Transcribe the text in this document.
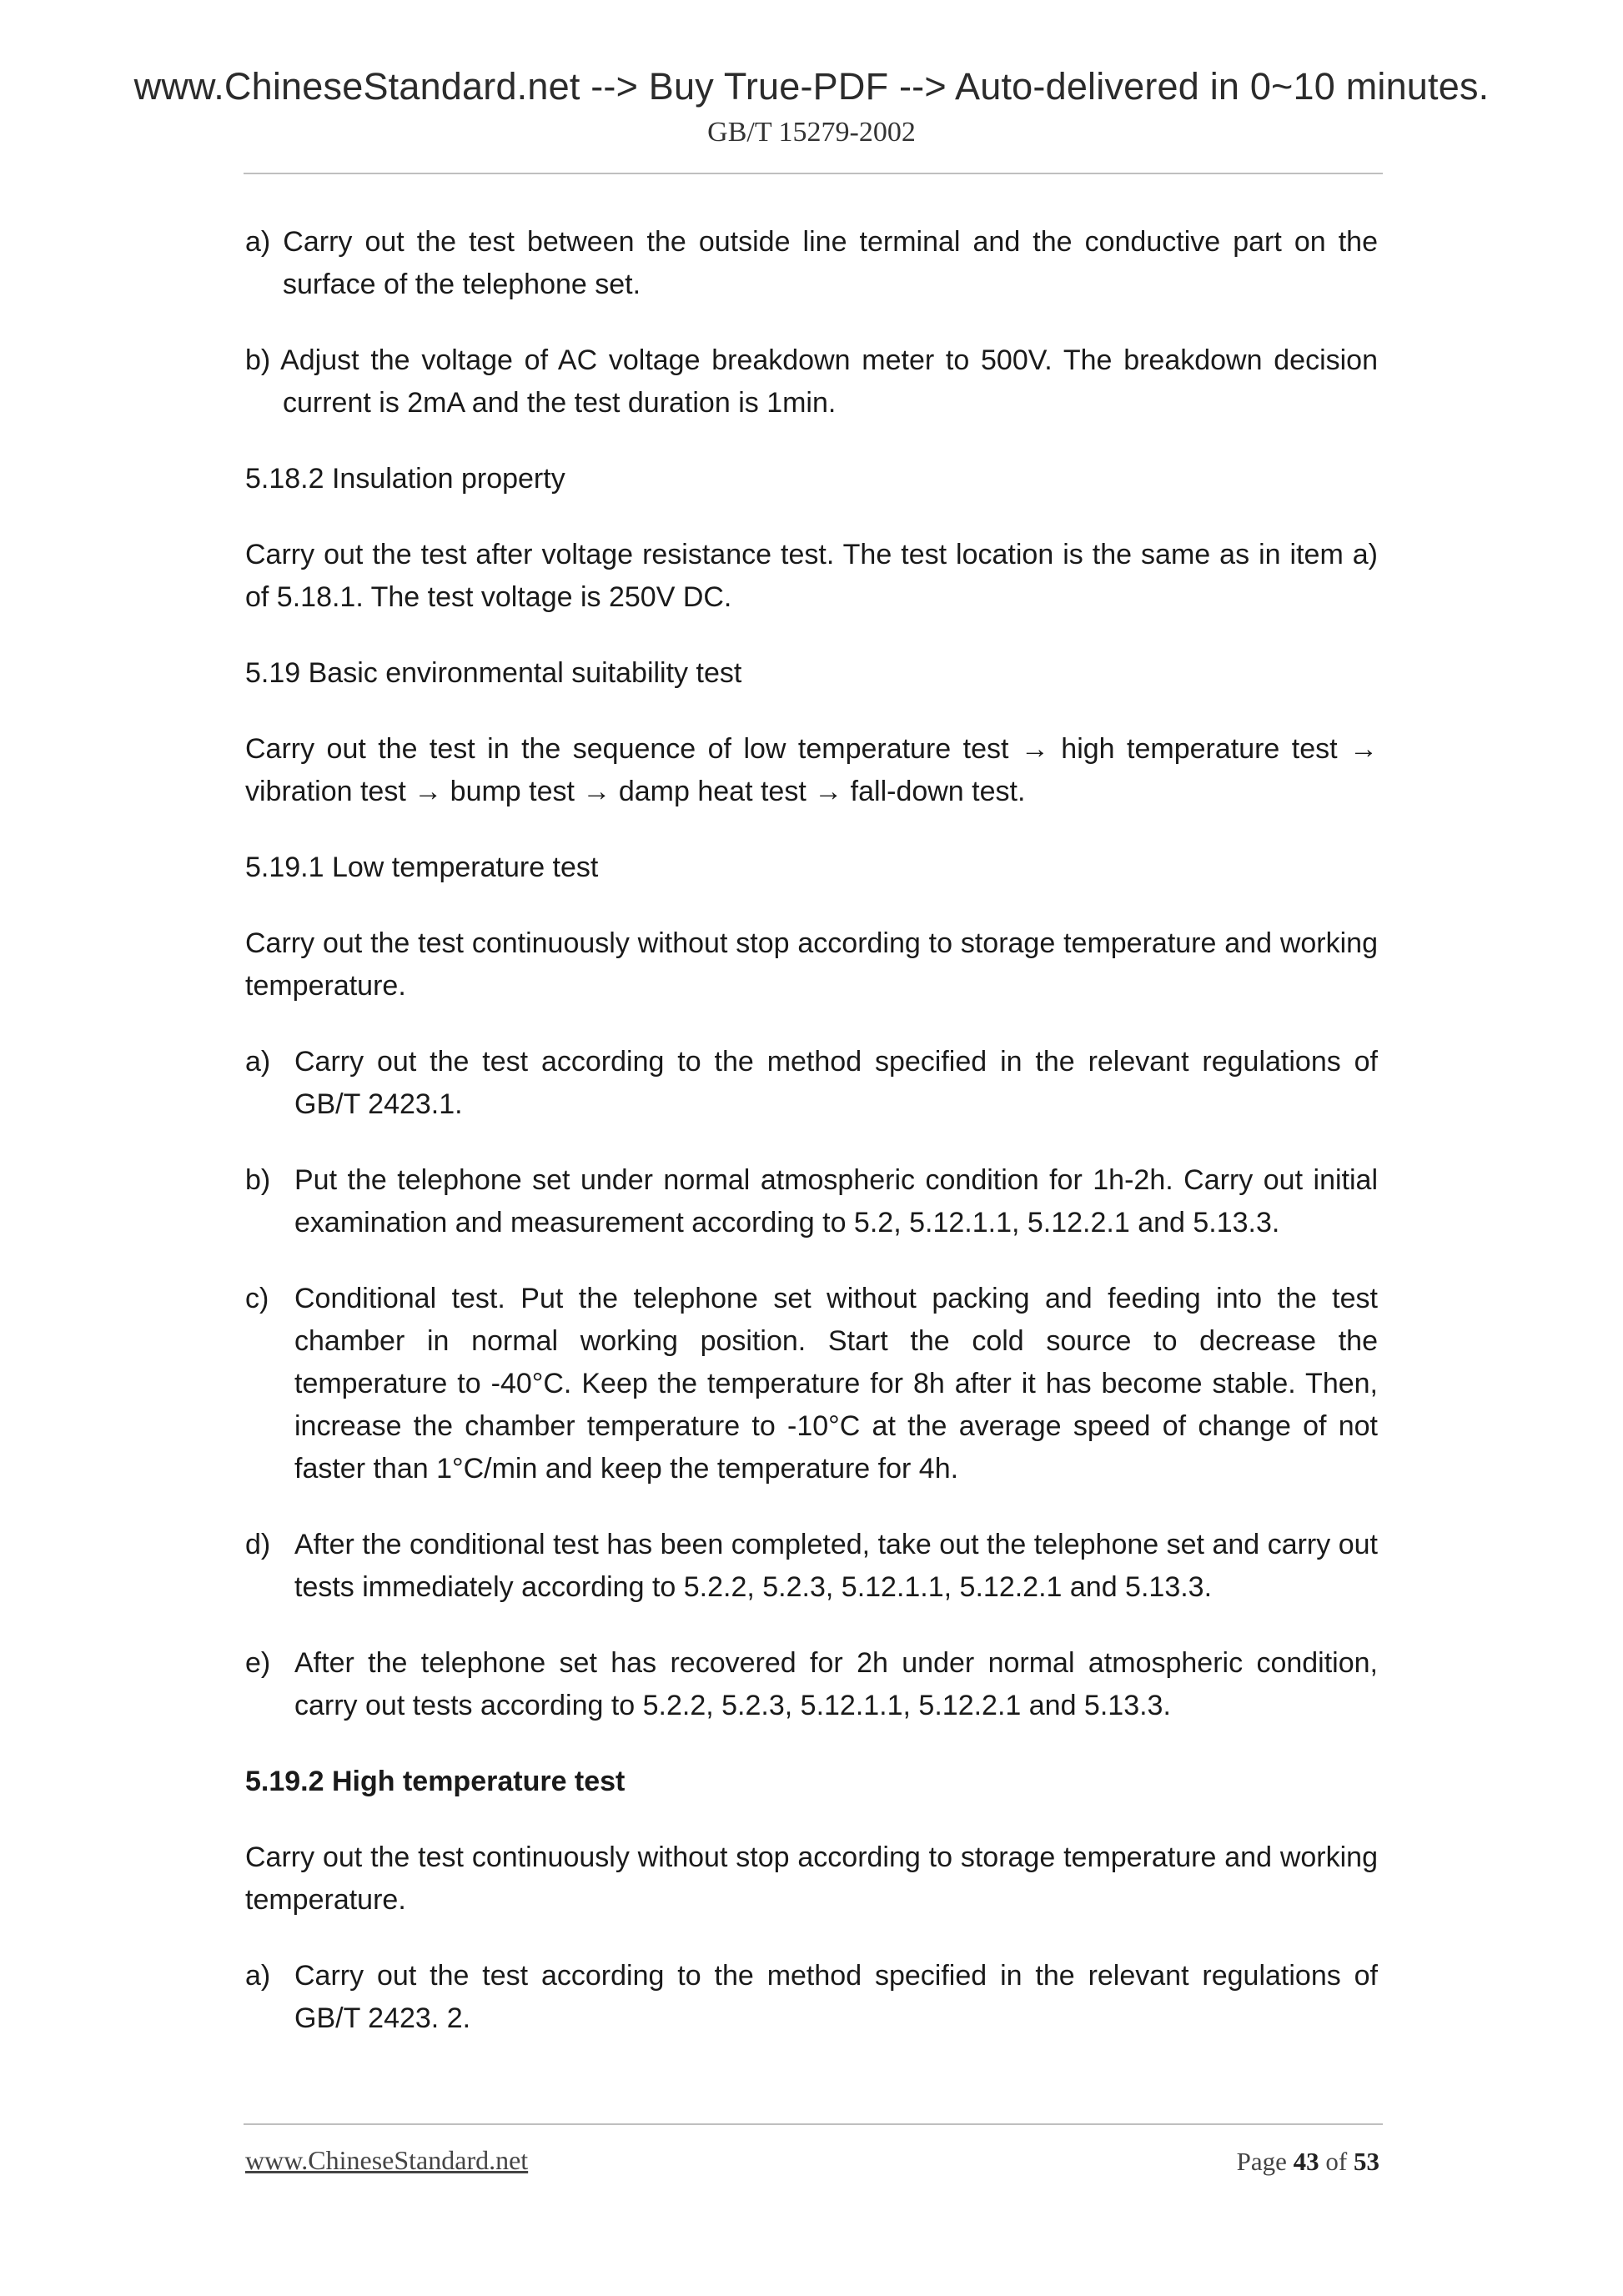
www.ChineseStandard.net --> Buy True-PDF --> Auto-delivered in 0~10 minutes.
GB/T 15279-2002

a) Carry out the test between the outside line terminal and the conductive part on the surface of the telephone set.

b) Adjust the voltage of AC voltage breakdown meter to 500V. The breakdown decision current is 2mA and the test duration is 1min.

5.18.2 Insulation property

Carry out the test after voltage resistance test. The test location is the same as in item a) of 5.18.1. The test voltage is 250V DC.

5.19 Basic environmental suitability test

Carry out the test in the sequence of low temperature test → high temperature test → vibration test → bump test → damp heat test → fall-down test.

5.19.1 Low temperature test

Carry out the test continuously without stop according to storage temperature and working temperature.

a) Carry out the test according to the method specified in the relevant regulations of GB/T 2423.1.
b) Put the telephone set under normal atmospheric condition for 1h-2h. Carry out initial examination and measurement according to 5.2, 5.12.1.1, 5.12.2.1 and 5.13.3.
c) Conditional test. Put the telephone set without packing and feeding into the test chamber in normal working position. Start the cold source to decrease the temperature to -40°C. Keep the temperature for 8h after it has become stable. Then, increase the chamber temperature to -10°C at the average speed of change of not faster than 1°C/min and keep the temperature for 4h.
d) After the conditional test has been completed, take out the telephone set and carry out tests immediately according to 5.2.2, 5.2.3, 5.12.1.1, 5.12.2.1 and 5.13.3.
e) After the telephone set has recovered for 2h under normal atmospheric condition, carry out tests according to 5.2.2, 5.2.3, 5.12.1.1, 5.12.2.1 and 5.13.3.
5.19.2 High temperature test

Carry out the test continuously without stop according to storage temperature and working temperature.

a) Carry out the test according to the method specified in the relevant regulations of GB/T 2423. 2.
www.ChineseStandard.net	Page 43 of 53
